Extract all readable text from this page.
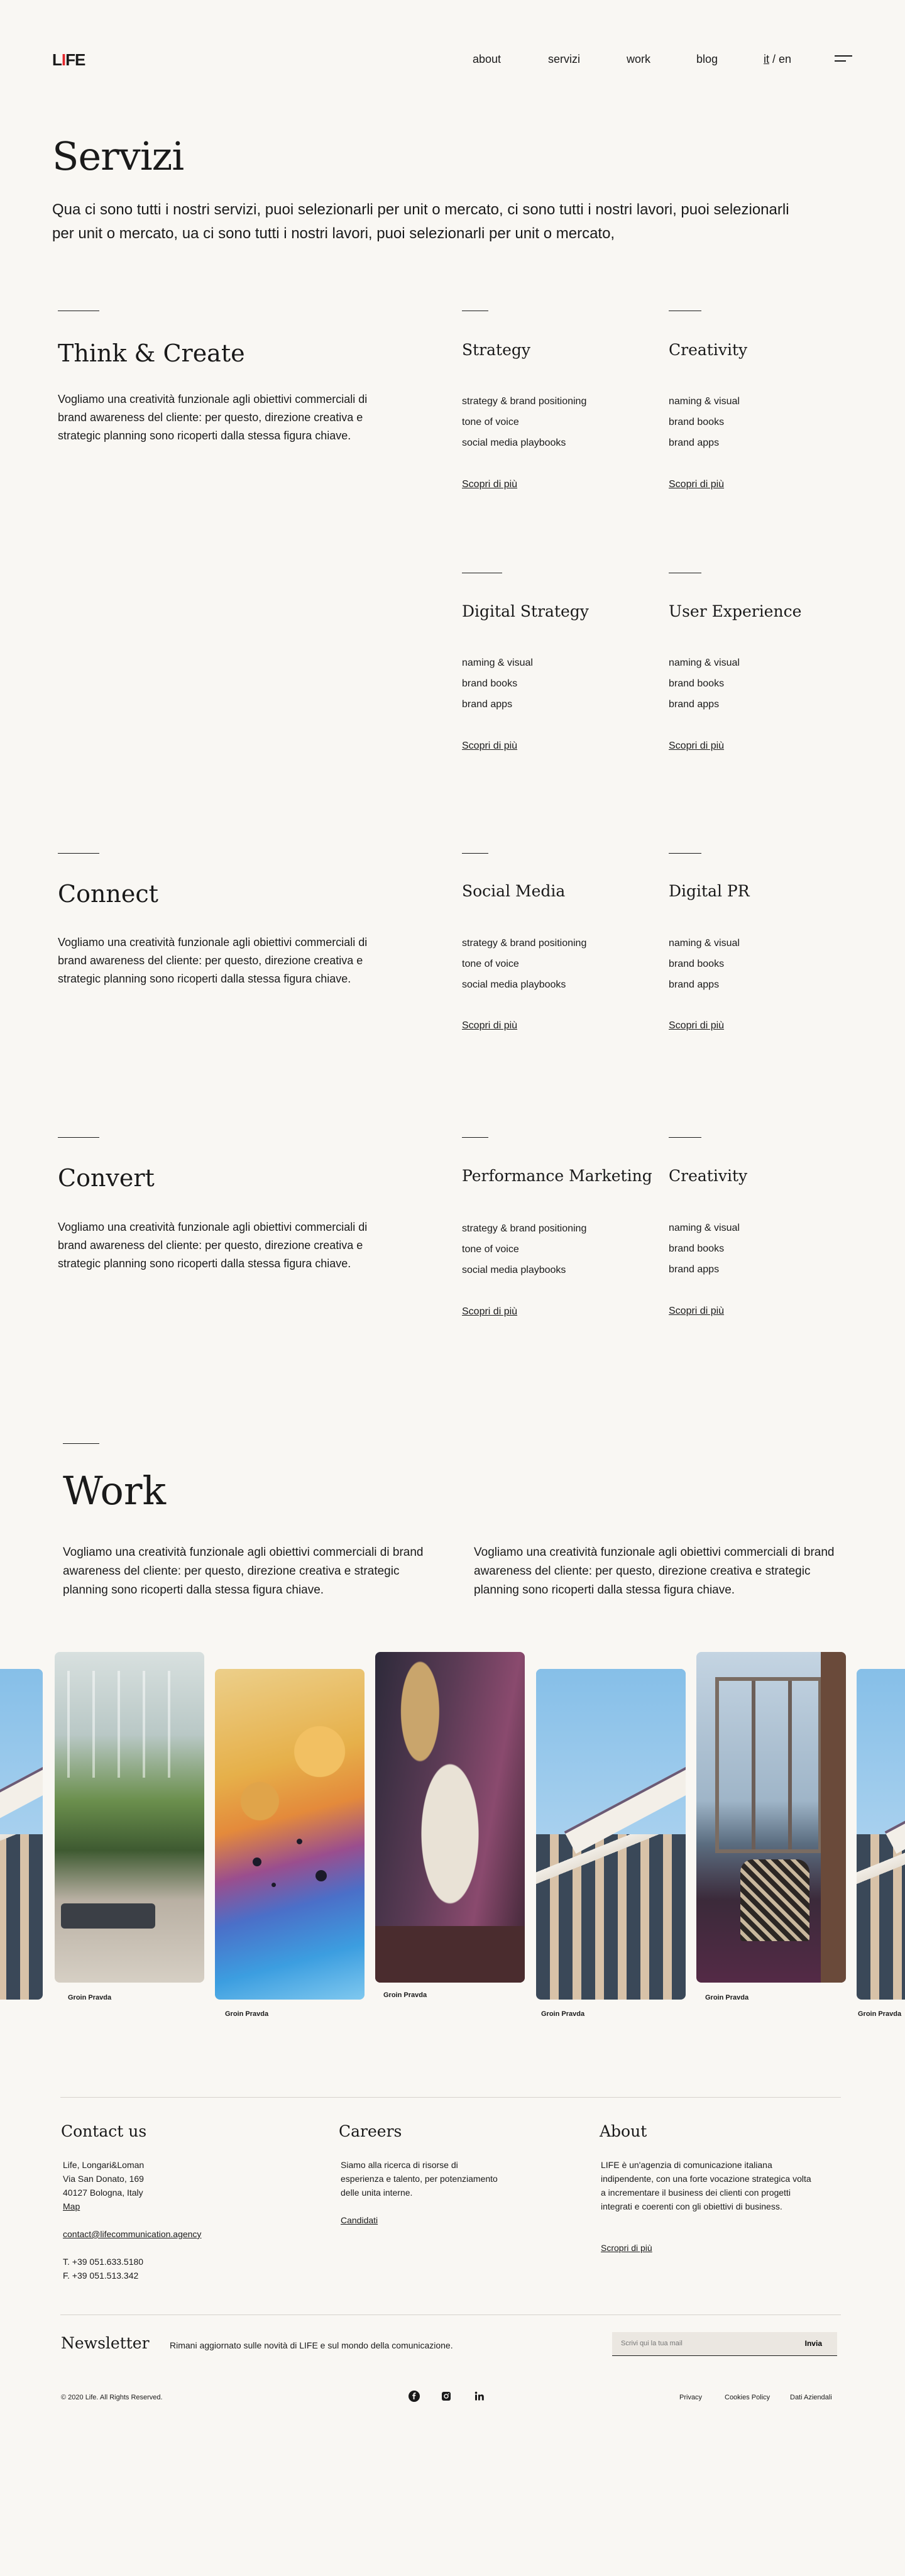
LIFE	about	servizi	work	blog	it / en
Servizi

Qua ci sono tutti i nostri servizi, puoi selezionarli per unit o mercato, ci sono tutti i nostri lavori, puoi selezionarli per unit o mercato, ua ci sono tutti i nostri lavori, puoi selezionarli per unit o mercato,

Think & Create

Vogliamo una creatività funzionale agli obiettivi commerciali di brand awareness del cliente: per questo, direzione creativa e strategic planning sono ricoperti dalla stessa figura chiave.

Strategy
strategy & brand positioning
tone of voice
social media playbooks
Scopri di più
Creativity
naming & visual
brand books
brand apps
Scopri di più
Digital Strategy
naming & visual
brand books
brand apps
Scopri di più
User Experience
naming & visual
brand books
brand apps
Scopri di più
Connect

Vogliamo una creatività funzionale agli obiettivi commerciali di brand awareness del cliente: per questo, direzione creativa e strategic planning sono ricoperti dalla stessa figura chiave.

Social Media
strategy & brand positioning
tone of voice
social media playbooks
Scopri di più
Digital PR
naming & visual
brand books
brand apps
Scopri di più
Convert

Vogliamo una creatività funzionale agli obiettivi commerciali di brand awareness del cliente: per questo, direzione creativa e strategic planning sono ricoperti dalla stessa figura chiave.

Performance Marketing
strategy & brand positioning
tone of voice
social media playbooks
Scopri di più
Creativity
naming & visual
brand books
brand apps
Scopri di più
Work

Vogliamo una creatività funzionale agli obiettivi commerciali di brand awareness del cliente: per questo, direzione creativa e strategic planning sono ricoperti dalla stessa figura chiave.

Vogliamo una creatività funzionale agli obiettivi commerciali di brand awareness del cliente: per questo, direzione creativa e strategic planning sono ricoperti dalla stessa figura chiave.

Groin Pravda
Groin Pravda
Groin Pravda
Groin Pravda
Groin Pravda
Groin Pravda
Contact us
Life, Longari&Loman
Via San Donato, 169
40127 Bologna, Italy
Map
contact@lifecommunication.agency
T. +39 051.633.5180
F. +39 051.513.342
Careers

Siamo alla ricerca di risorse di esperienza e talento, per potenziamento delle unita interne.

Candidati
About

LIFE è un'agenzia di comunicazione italiana indipendente, con una forte vocazione strategica volta a incrementare il business dei clienti con progetti integrati e coerenti con gli obiettivi di business.

Scropri di più
Newsletter Rimani aggiornato sulle novità di LIFE e sul mondo della comunicazione.

Scrivi qui la tua mail	Invia

© 2020 Life. All Rights Reserved.	Privacy	Cookies Policy	Dati Aziendali
